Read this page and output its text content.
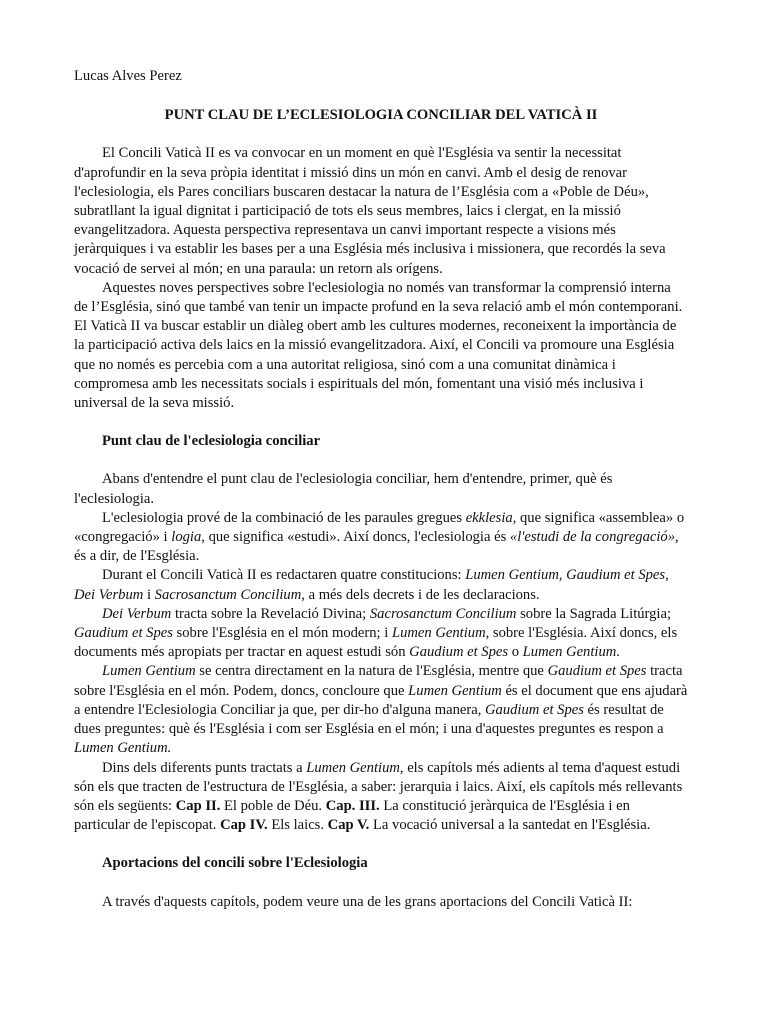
Lucas Alves Perez
PUNT CLAU DE L’ECLESIOLOGIA CONCILIAR DEL VATICÀ II

El Concili Vaticà II es va convocar en un moment en què l'Església va sentir la necessitat d'aprofundir en la seva pròpia identitat i missió dins un món en canvi. Amb el desig de renovar l'eclesiologia, els Pares conciliars buscaren destacar la natura de l’Església com a «Poble de Déu», subratllant la igual dignitat i participació de tots els seus membres, laics i clergat, en la missió evangelitzadora. Aquesta perspectiva representava un canvi important respecte a visions més jeràrquiques i va establir les bases per a una Església més inclusiva i missionera, que recordés la seva vocació de servei al món; en una paraula: un retorn als orígens.

Aquestes noves perspectives sobre l'eclesiologia no només van transformar la comprensió interna de l’Església, sinó que també van tenir un impacte profund en la seva relació amb el món contemporani. El Vaticà II va buscar establir un diàleg obert amb les cultures modernes, reconeixent la importància de la participació activa dels laics en la missió evangelitzadora. Així, el Concili va promoure una Església que no només es percebia com a una autoritat religiosa, sinó com a una comunitat dinàmica i compromesa amb les necessitats socials i espirituals del món, fomentant una visió més inclusiva i universal de la seva missió.

Punt clau de l'eclesiologia conciliar

Abans d'entendre el punt clau de l'eclesiologia conciliar, hem d'entendre, primer, què és l'eclesiologia.

L'eclesiologia prové de la combinació de les paraules gregues ekklesia, que significa «assemblea» o «congregació» i logia, que significa «estudi». Així doncs, l'eclesiologia és «l'estudi de la congregació», és a dir, de l'Església.

Durant el Concili Vaticà II es redactaren quatre constitucions: Lumen Gentium, Gaudium et Spes, Dei Verbum i Sacrosanctum Concilium, a més dels decrets i de les declaracions.

Dei Verbum tracta sobre la Revelació Divina; Sacrosanctum Concilium sobre la Sagrada Litúrgia; Gaudium et Spes sobre l'Església en el món modern; i Lumen Gentium, sobre l'Església. Així doncs, els documents més apropiats per tractar en aquest estudi són Gaudium et Spes o Lumen Gentium.

Lumen Gentium se centra directament en la natura de l'Església, mentre que Gaudium et Spes tracta sobre l'Església en el món. Podem, doncs, concloure que Lumen Gentium és el document que ens ajudarà a entendre l'Eclesiologia Conciliar ja que, per dir-ho d'alguna manera, Gaudium et Spes és resultat de dues preguntes: què és l'Església i com ser Església en el món; i una d'aquestes preguntes es respon a Lumen Gentium.

Dins dels diferents punts tractats a Lumen Gentium, els capítols més adients al tema d'aquest estudi són els que tracten de l'estructura de l'Església, a saber: jerarquia i laics. Així, els capítols més rellevants són els següents: Cap II. El poble de Déu. Cap. III. La constitució jeràrquica de l'Església i en particular de l'episcopat. Cap IV. Els laics. Cap V. La vocació universal a la santedat en l'Església.

Aportacions del concili sobre l'Eclesiologia

A través d'aquests capítols, podem veure una de les grans aportacions del Concili Vaticà II:
